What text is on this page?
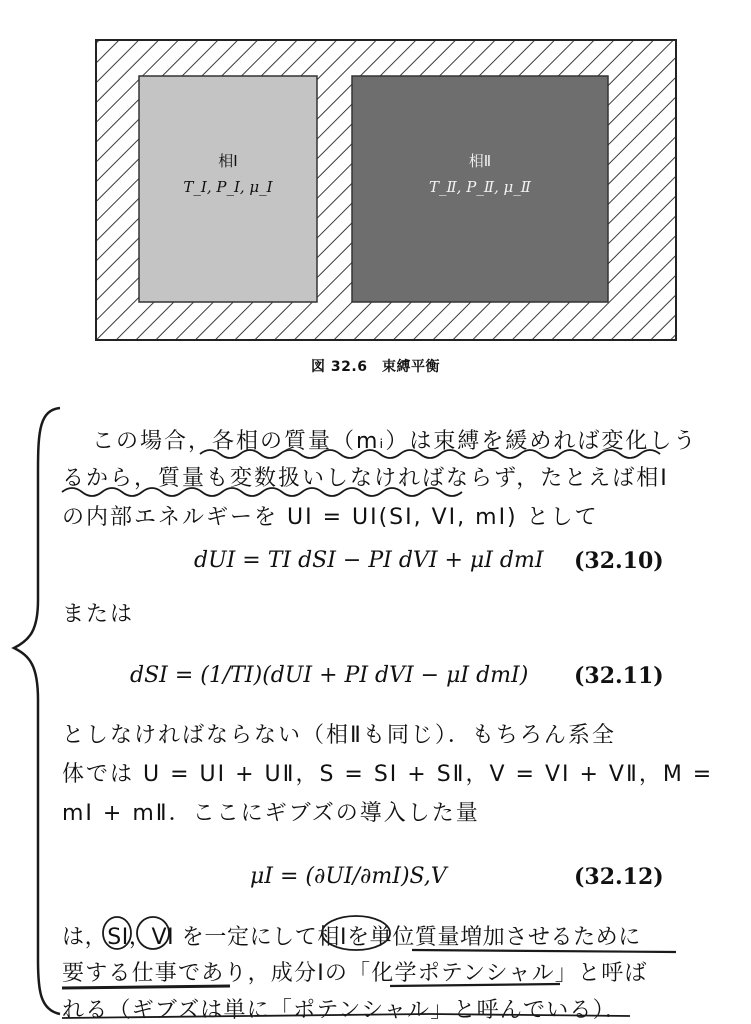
相Ⅰ
T_Ⅰ, P_Ⅰ, μ_Ⅰ
相Ⅱ
T_Ⅱ, P_Ⅱ, μ_Ⅱ
図 32.6　束縛平衡
この場合，各相の質量（mᵢ）は束縛を緩めれば変化しう
るから，質量も変数扱いしなければならず，たとえば相Ⅰ
の内部エネルギーを UⅠ = UⅠ(SⅠ, VⅠ, mⅠ) として
dUⅠ = TⅠ dSⅠ − PⅠ dVⅠ + μⅠ dmⅠ (32.10)
または
dSⅠ = (1/TⅠ)(dUⅠ + PⅠ dVⅠ − μⅠ dmⅠ) (32.11)
としなければならない（相Ⅱも同じ）．もちろん系全
体では U = UⅠ + UⅡ，S = SⅠ + SⅡ，V = VⅠ + VⅡ，M =
mⅠ + mⅡ．ここにギブズの導入した量
μⅠ = (∂UⅠ/∂mⅠ)S,V	(32.12)
は，SⅠ，VⅠ を一定にして相Ⅰを単位質量増加させるために
要する仕事であり，成分Ⅰの「化学ポテンシャル」と呼ば
れる（ギブズは単に「ポテンシャル」と呼んでいる）．
